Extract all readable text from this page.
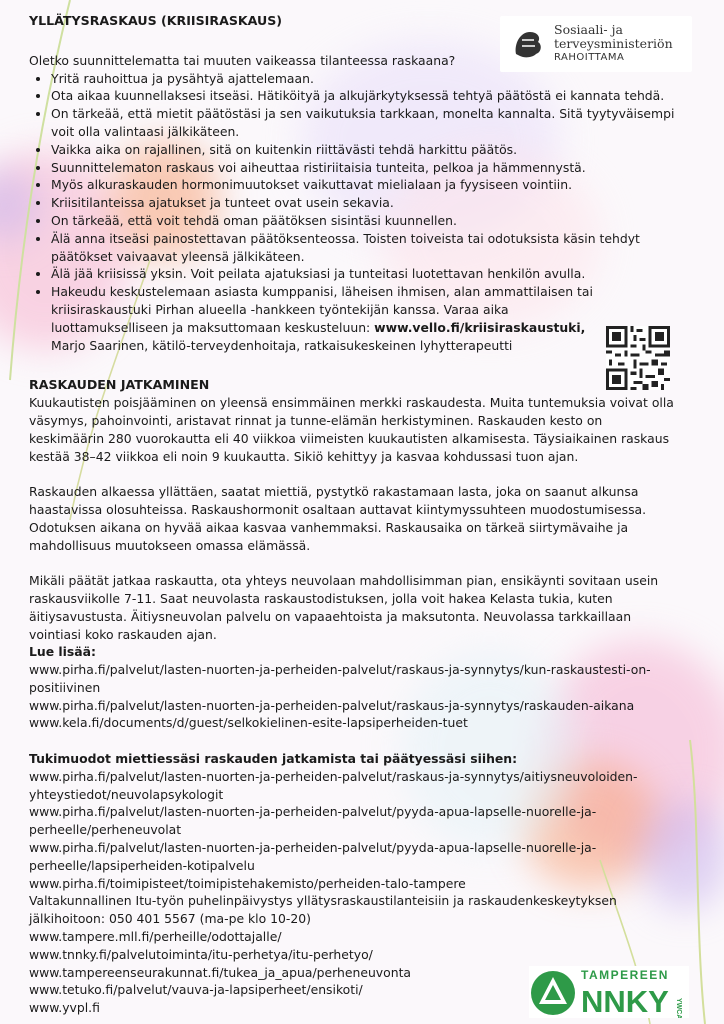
Sosiaali- ja
terveysministeriön
RAHOITTAMA
TAMPEREEN
NNKY YWCA

YLLÄTYSRASKAUS (KRIISIRASKAUS)

Oletko suunnittelematta tai muuten vaikeassa tilanteessa raskaana?

• Yritä rauhoittua ja pysähtyä ajattelemaan.
• Ota aikaa kuunnellaksesi itseäsi. Hätiköityä ja alkujärkytyksessä tehtyä päätöstä ei kannata tehdä.
• On tärkeää, että mietit päätöstäsi ja sen vaikutuksia tarkkaan, monelta kannalta. Sitä tyytyväisempi voit olla valintaasi jälkikäteen.
• Vaikka aika on rajallinen, sitä on kuitenkin riittävästi tehdä harkittu päätös.
• Suunnittelematon raskaus voi aiheuttaa ristiriitaisia tunteita, pelkoa ja hämmennystä.
• Myös alkuraskauden hormonimuutokset vaikuttavat mielialaan ja fyysiseen vointiin.
• Kriisitilanteissa ajatukset ja tunteet ovat usein sekavia.
• On tärkeää, että voit tehdä oman päätöksen sisintäsi kuunnellen.
• Älä anna itseäsi painostettavan päätöksenteossa. Toisten toiveista tai odotuksista käsin tehdyt päätökset vaivaavat yleensä jälkikäteen.
• Älä jää kriisissä yksin. Voit peilata ajatuksiasi ja tunteitasi luotettavan henkilön avulla.
• Hakeudu keskustelemaan asiasta kumppanisi, läheisen ihmisen, alan ammattilaisen tai kriisiraskaustuki Pirhan alueella -hankkeen työntekijän kanssa. Varaa aika luottamukselliseen ja maksuttomaan keskusteluun: www.vello.fi/kriisiraskaustuki, Marjo Saarinen, kätilö-terveydenhoitaja, ratkaisukeskeinen lyhytterapeutti

RASKAUDEN JATKAMINEN

Kuukautisten poisjääminen on yleensä ensimmäinen merkki raskaudesta. Muita tuntemuksia voivat olla väsymys, pahoinvointi, aristavat rinnat ja tunne-elämän herkistyminen. Raskauden kesto on keskimäärin 280 vuorokautta eli 40 viikkoa viimeisten kuukautisten alkamisesta. Täysiaikainen raskaus kestää 38–42 viikkoa eli noin 9 kuukautta. Sikiö kehittyy ja kasvaa kohdussasi tuon ajan.

Raskauden alkaessa yllättäen, saatat miettiä, pystytkö rakastamaan lasta, joka on saanut alkunsa haastavissa olosuhteissa. Raskaushormonit osaltaan auttavat kiintymyssuhteen muodostumisessa. Odotuksen aikana on hyvää aikaa kasvaa vanhemmaksi. Raskausaika on tärkeä siirtymävaihe ja mahdollisuus muutokseen omassa elämässä.

Mikäli päätät jatkaa raskautta, ota yhteys neuvolaan mahdollisimman pian, ensikäynti sovitaan usein raskausviikolle 7-11. Saat neuvolasta raskaustodistuksen, jolla voit hakea Kelasta tukia, kuten äitiysavustusta. Äitiysneuvolan palvelu on vapaaehtoista ja maksutonta. Neuvolassa tarkkaillaan vointiasi koko raskauden ajan.

Lue lisää:

www.pirha.fi/palvelut/lasten-nuorten-ja-perheiden-palvelut/raskaus-ja-synnytys/kun-raskaustesti-on-positiivinen

www.pirha.fi/palvelut/lasten-nuorten-ja-perheiden-palvelut/raskaus-ja-synnytys/raskauden-aikana

www.kela.fi/documents/d/guest/selkokielinen-esite-lapsiperheiden-tuet

Tukimuodot miettiessäsi raskauden jatkamista tai päätyessäsi siihen:

www.pirha.fi/palvelut/lasten-nuorten-ja-perheiden-palvelut/raskaus-ja-synnytys/aitiysneuvoloiden-yhteystiedot/neuvolapsykologit

www.pirha.fi/palvelut/lasten-nuorten-ja-perheiden-palvelut/pyyda-apua-lapselle-nuorelle-ja-perheelle/perheneuvolat

www.pirha.fi/palvelut/lasten-nuorten-ja-perheiden-palvelut/pyyda-apua-lapselle-nuorelle-ja-perheelle/lapsiperheiden-kotipalvelu

www.pirha.fi/toimipisteet/toimipistehakemisto/perheiden-talo-tampere

Valtakunnallinen Itu-työn puhelinpäivystys yllätysraskaustilanteisiin ja raskaudenkeskeytyksen jälkihoitoon: 050 401 5567 (ma-pe klo 10-20)

www.tampere.mll.fi/perheille/odottajalle/

www.tnnky.fi/palvelutoiminta/itu-perhetya/itu-perhetyo/

www.tampereenseurakunnat.fi/tukea_ja_apua/perheneuvonta

www.tetuko.fi/palvelut/vauva-ja-lapsiperheet/ensikoti/

www.yvpl.fi
